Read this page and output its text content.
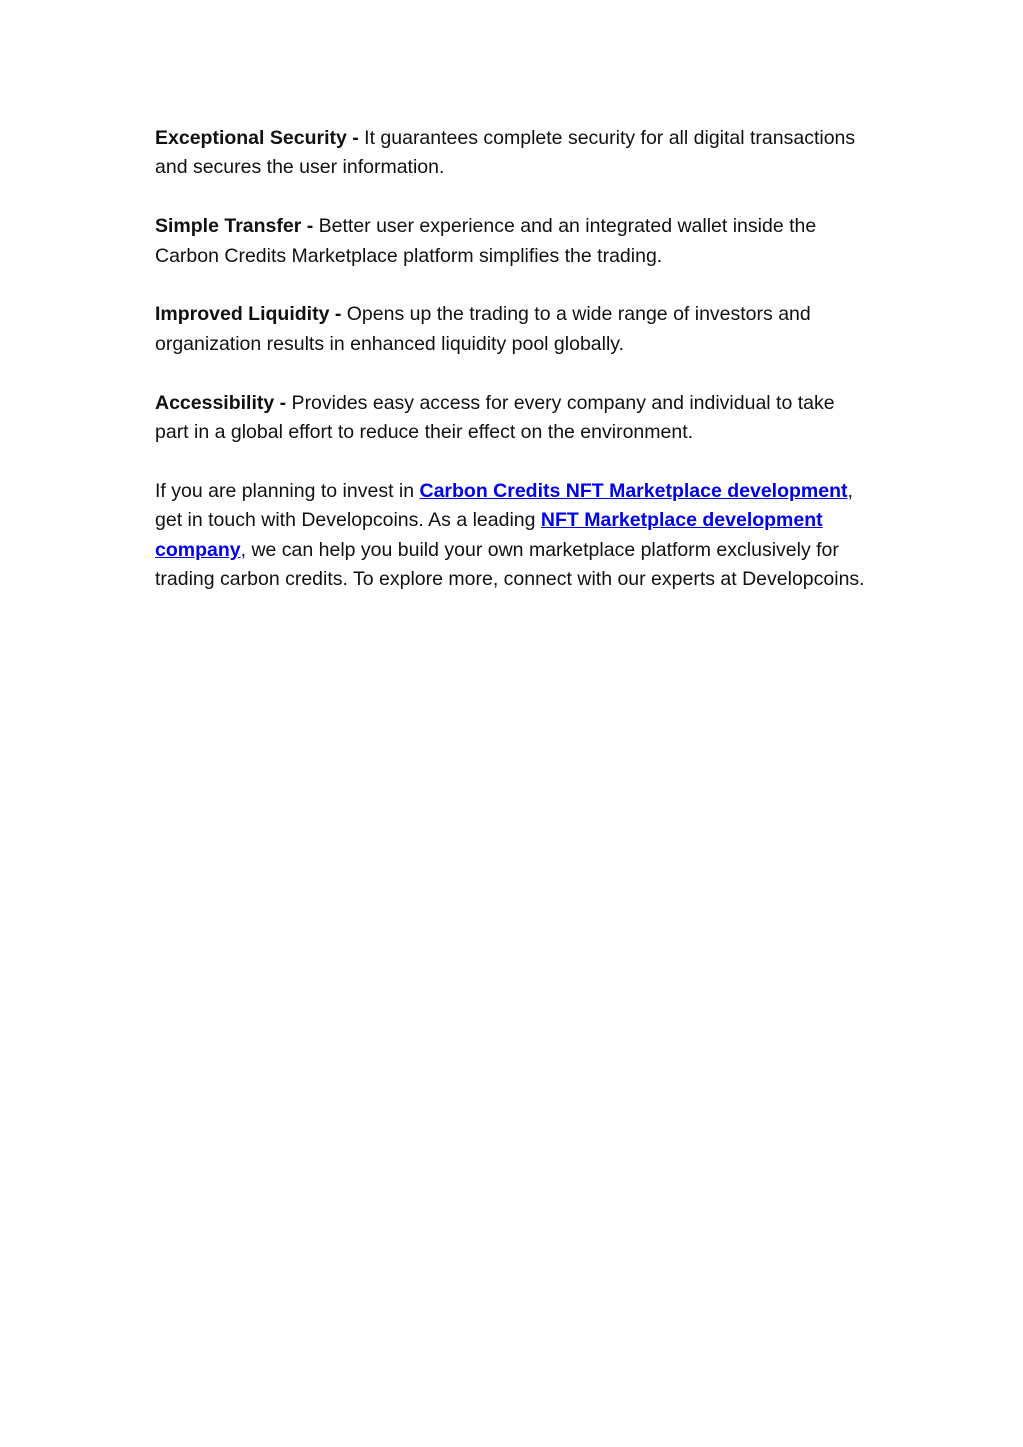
Exceptional Security - It guarantees complete security for all digital transactions and secures the user information.

Simple Transfer - Better user experience and an integrated wallet inside the Carbon Credits Marketplace platform simplifies the trading.

Improved Liquidity - Opens up the trading to a wide range of investors and organization results in enhanced liquidity pool globally.

Accessibility - Provides easy access for every company and individual to take part in a global effort to reduce their effect on the environment.

If you are planning to invest in Carbon Credits NFT Marketplace development, get in touch with Developcoins. As a leading NFT Marketplace development company, we can help you build your own marketplace platform exclusively for trading carbon credits. To explore more, connect with our experts at Developcoins.
